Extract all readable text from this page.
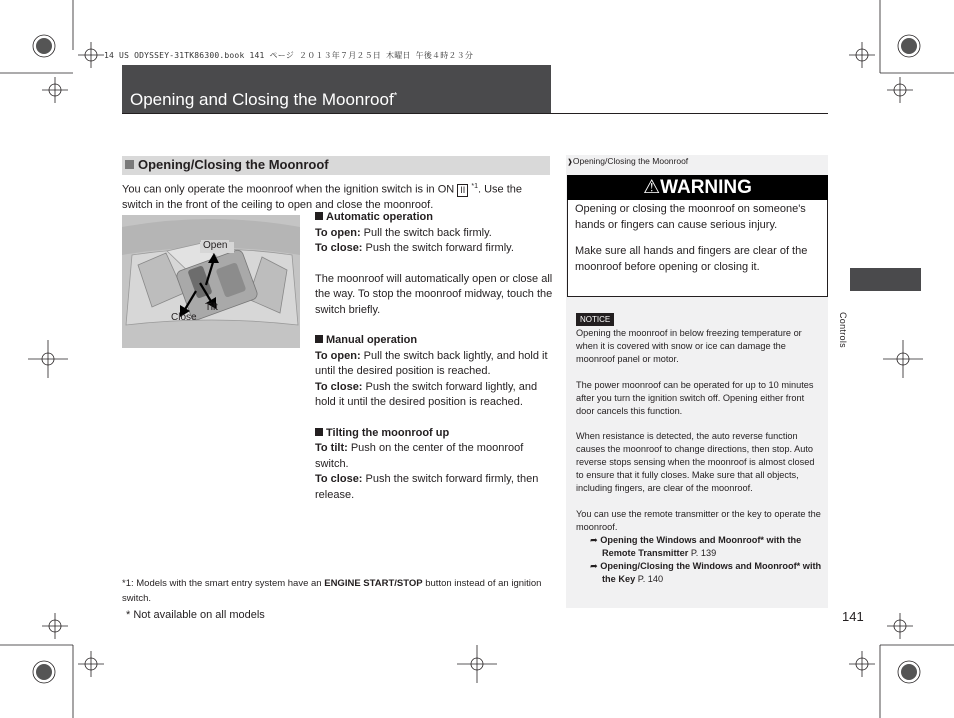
14 US ODYSSEY-31TK86300.book 141 ページ ２０１３年７月２５日 木曜日 午後４時２３分
Opening and Closing the Moonroof*
Opening/Closing the Moonroof
You can only operate the moonroof when the ignition switch is in ON II $^{*1}$. Use the switch in the front of the ceiling to open and close the moonroof.
Open
Tilt
Close

Automatic operation

To open: Pull the switch back firmly.

To close: Push the switch forward firmly.

The moonroof will automatically open or close all the way. To stop the moonroof midway, touch the switch briefly.

Manual operation

To open: Pull the switch back lightly, and hold it until the desired position is reached.

To close: Push the switch forward lightly, and hold it until the desired position is reached.

Tilting the moonroof up

To tilt: Push on the center of the moonroof switch.

To close: Push the switch forward firmly, then release.

*1: Models with the smart entry system have an ENGINE START/STOP button instead of an ignition switch.
* Not available on all models
❱Opening/Closing the Moonroof
⚠WARNING

Opening or closing the moonroof on someone's hands or fingers can cause serious injury.

Make sure all hands and fingers are clear of the moonroof before opening or closing it.

NOTICE

Opening the moonroof in below freezing temperature or when it is covered with snow or ice can damage the moonroof panel or motor.

The power moonroof can be operated for up to 10 minutes after you turn the ignition switch off. Opening either front door cancels this function.

When resistance is detected, the auto reverse function causes the moonroof to change directions, then stop. Auto reverse stops sensing when the moonroof is almost closed to ensure that it fully closes. Make sure that all objects, including fingers, are clear of the moonroof.

You can use the remote transmitter or the key to operate the moonroof.

➦ Opening the Windows and Moonroof* with the Remote Transmitter P. 139
➦ Opening/Closing the Windows and Moonroof* with the Key P. 140
Controls
141
